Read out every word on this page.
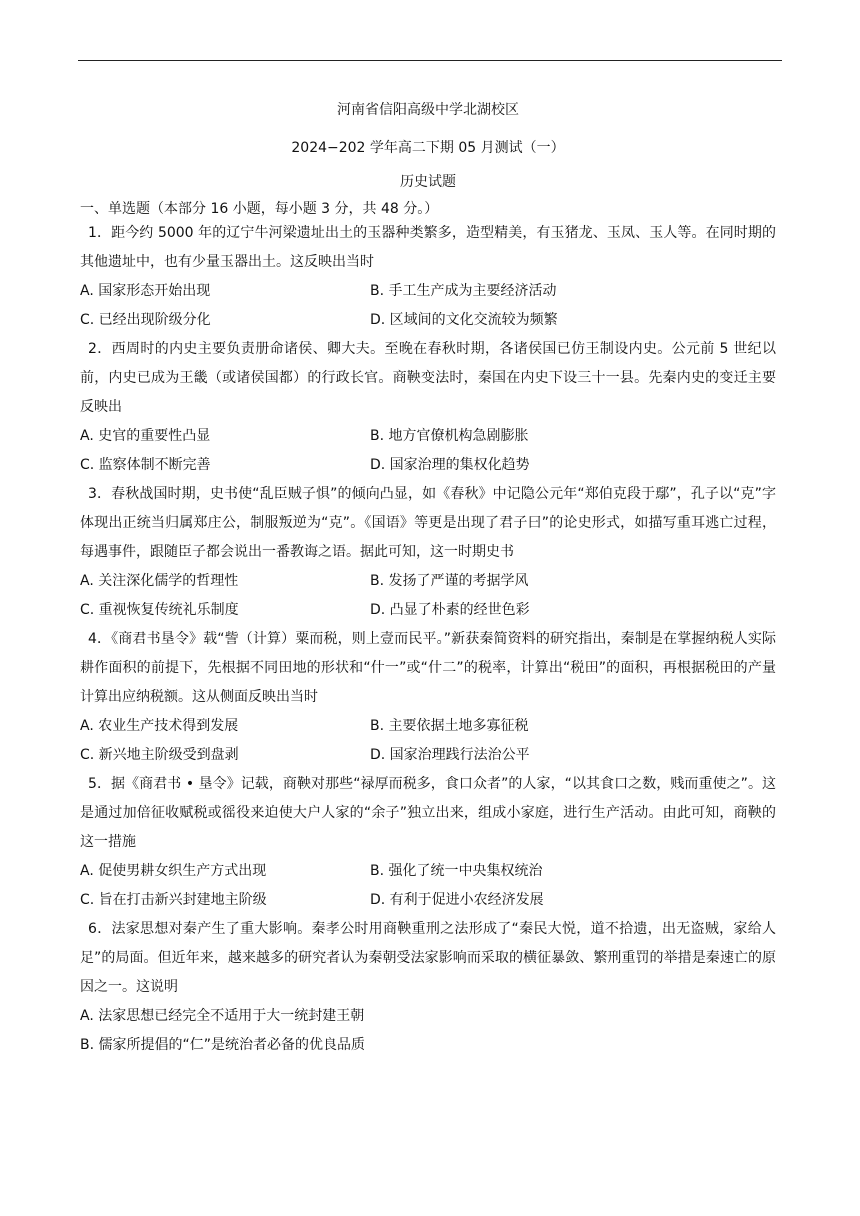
河南省信阳高级中学北湖校区
2024−202 学年高二下期 05 月测试（一）
历史试题
一、单选题（本部分 16 小题，每小题 3 分，共 48 分。）

1．距今约 5000 年的辽宁牛河梁遗址出土的玉器种类繁多，造型精美，有玉猪龙、玉凤、玉人等。在同时期的其他遗址中，也有少量玉器出土。这反映出当时

A. 国家形态开始出现	B. 手工生产成为主要经济活动
C. 已经出现阶级分化	D. 区域间的文化交流较为频繁

2．西周时的内史主要负责册命诸侯、卿大夫。至晚在春秋时期，各诸侯国已仿王制设内史。公元前 5 世纪以前，内史已成为王畿（或诸侯国都）的行政长官。商鞅变法时，秦国在内史下设三十一县。先秦内史的变迁主要反映出

A. 史官的重要性凸显	B. 地方官僚机构急剧膨胀
C. 监察体制不断完善	D. 国家治理的集权化趋势

3．春秋战国时期，史书使“乱臣贼子惧”的倾向凸显，如《春秋》中记隐公元年“郑伯克段于鄢”，孔子以“克”字体现出正统当归属郑庄公，制服叛逆为“克”。《国语》等更是出现了君子曰”的论史形式，如描写重耳逃亡过程，每遇事件，跟随臣子都会说出一番教诲之语。据此可知，这一时期史书

A. 关注深化儒学的哲理性	B. 发扬了严谨的考据学风
C. 重视恢复传统礼乐制度	D. 凸显了朴素的经世色彩

4．《商君书垦令》载“訾（计算）粟而税，则上壹而民平。”新获秦简资料的研究指出，秦制是在掌握纳税人实际耕作面积的前提下，先根据不同田地的形状和“什一”或“什二”的税率，计算出“税田”的面积，再根据税田的产量计算出应纳税额。这从侧面反映出当时

A. 农业生产技术得到发展	B. 主要依据土地多寡征税
C. 新兴地主阶级受到盘剥	D. 国家治理践行法治公平

5．据《商君书 • 垦令》记载，商鞅对那些“禄厚而税多，食口众者”的人家，“以其食口之数，贱而重使之”。这是通过加倍征收赋税或徭役来迫使大户人家的“余子”独立出来，组成小家庭，进行生产活动。由此可知，商鞅的这一措施

A. 促使男耕女织生产方式出现	B. 强化了统一中央集权统治
C. 旨在打击新兴封建地主阶级	D. 有利于促进小农经济发展

6．法家思想对秦产生了重大影响。秦孝公时用商鞅重刑之法形成了“秦民大悦，道不拾遗，出无盗贼，家给人足”的局面。但近年来，越来越多的研究者认为秦朝受法家影响而采取的横征暴敛、繁刑重罚的举措是秦速亡的原因之一。这说明

A. 法家思想已经完全不适用于大一统封建王朝
B. 儒家所提倡的“仁”是统治者必备的优良品质
